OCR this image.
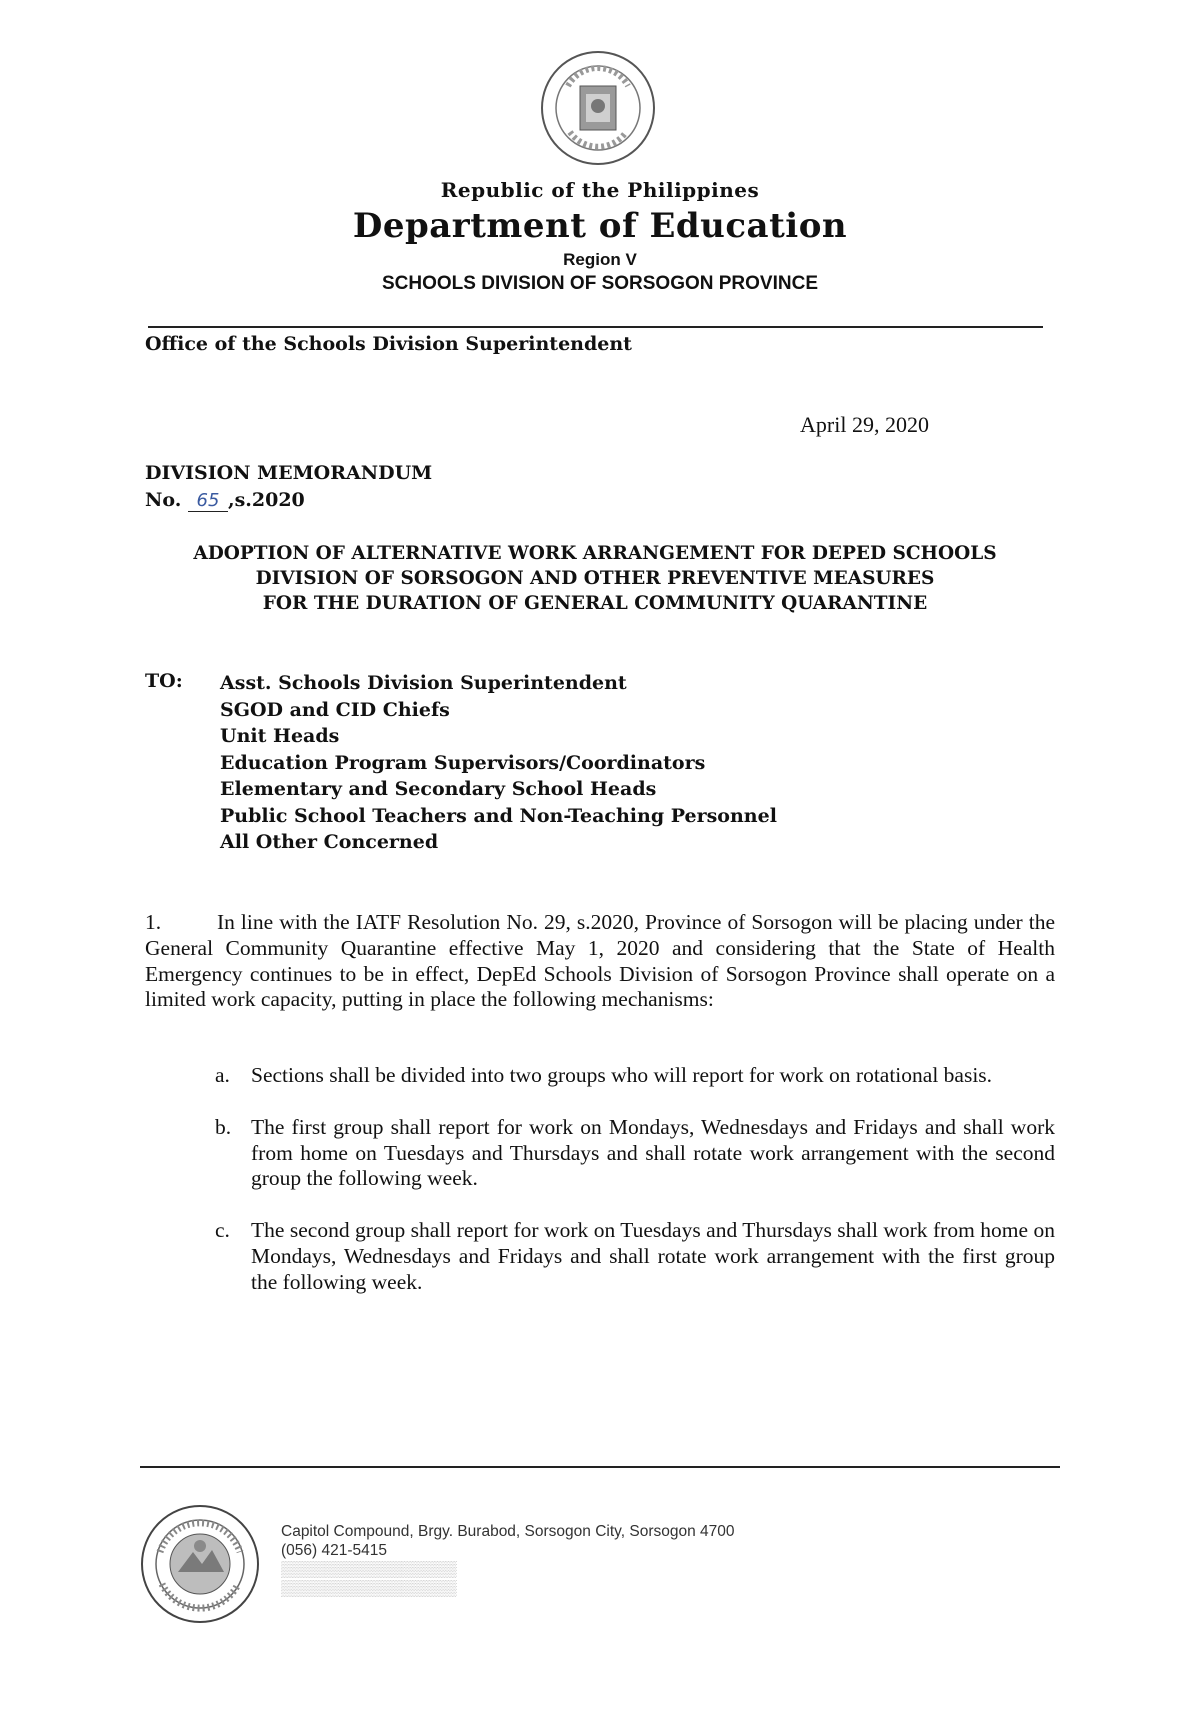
Republic of the Philippines
Department of Education
Region V
SCHOOLS DIVISION OF SORSOGON PROVINCE
Office of the Schools Division Superintendent
April 29, 2020
DIVISION MEMORANDUM
No. 65 ,s.2020
ADOPTION OF ALTERNATIVE WORK ARRANGEMENT FOR DEPED SCHOOLS
DIVISION OF SORSOGON AND OTHER PREVENTIVE MEASURES
FOR THE DURATION OF GENERAL COMMUNITY QUARANTINE
TO: Asst. Schools Division Superintendent
SGOD and CID Chiefs
Unit Heads
Education Program Supervisors/Coordinators
Elementary and Secondary School Heads
Public School Teachers and Non-Teaching Personnel
All Other Concerned
1.	In line with the IATF Resolution No. 29, s.2020, Province of Sorsogon will be placing under the General Community Quarantine effective May 1, 2020 and considering that the State of Health Emergency continues to be in effect, DepEd Schools Division of Sorsogon Province shall operate on a limited work capacity, putting in place the following mechanisms:
a. Sections shall be divided into two groups who will report for work on rotational basis.
b. The first group shall report for work on Mondays, Wednesdays and Fridays and shall work from home on Tuesdays and Thursdays and shall rotate work arrangement with the second group the following week.
c. The second group shall report for work on Tuesdays and Thursdays shall work from home on Mondays, Wednesdays and Fridays and shall rotate work arrangement with the first group the following week.
Capitol Compound, Brgy. Burabod, Sorsogon City, Sorsogon 4700
(056) 421-5415
▒▒▒▒▒▒▒▒▒▒▒▒▒▒▒▒
▒▒▒▒▒▒▒▒▒▒▒▒▒▒▒▒
